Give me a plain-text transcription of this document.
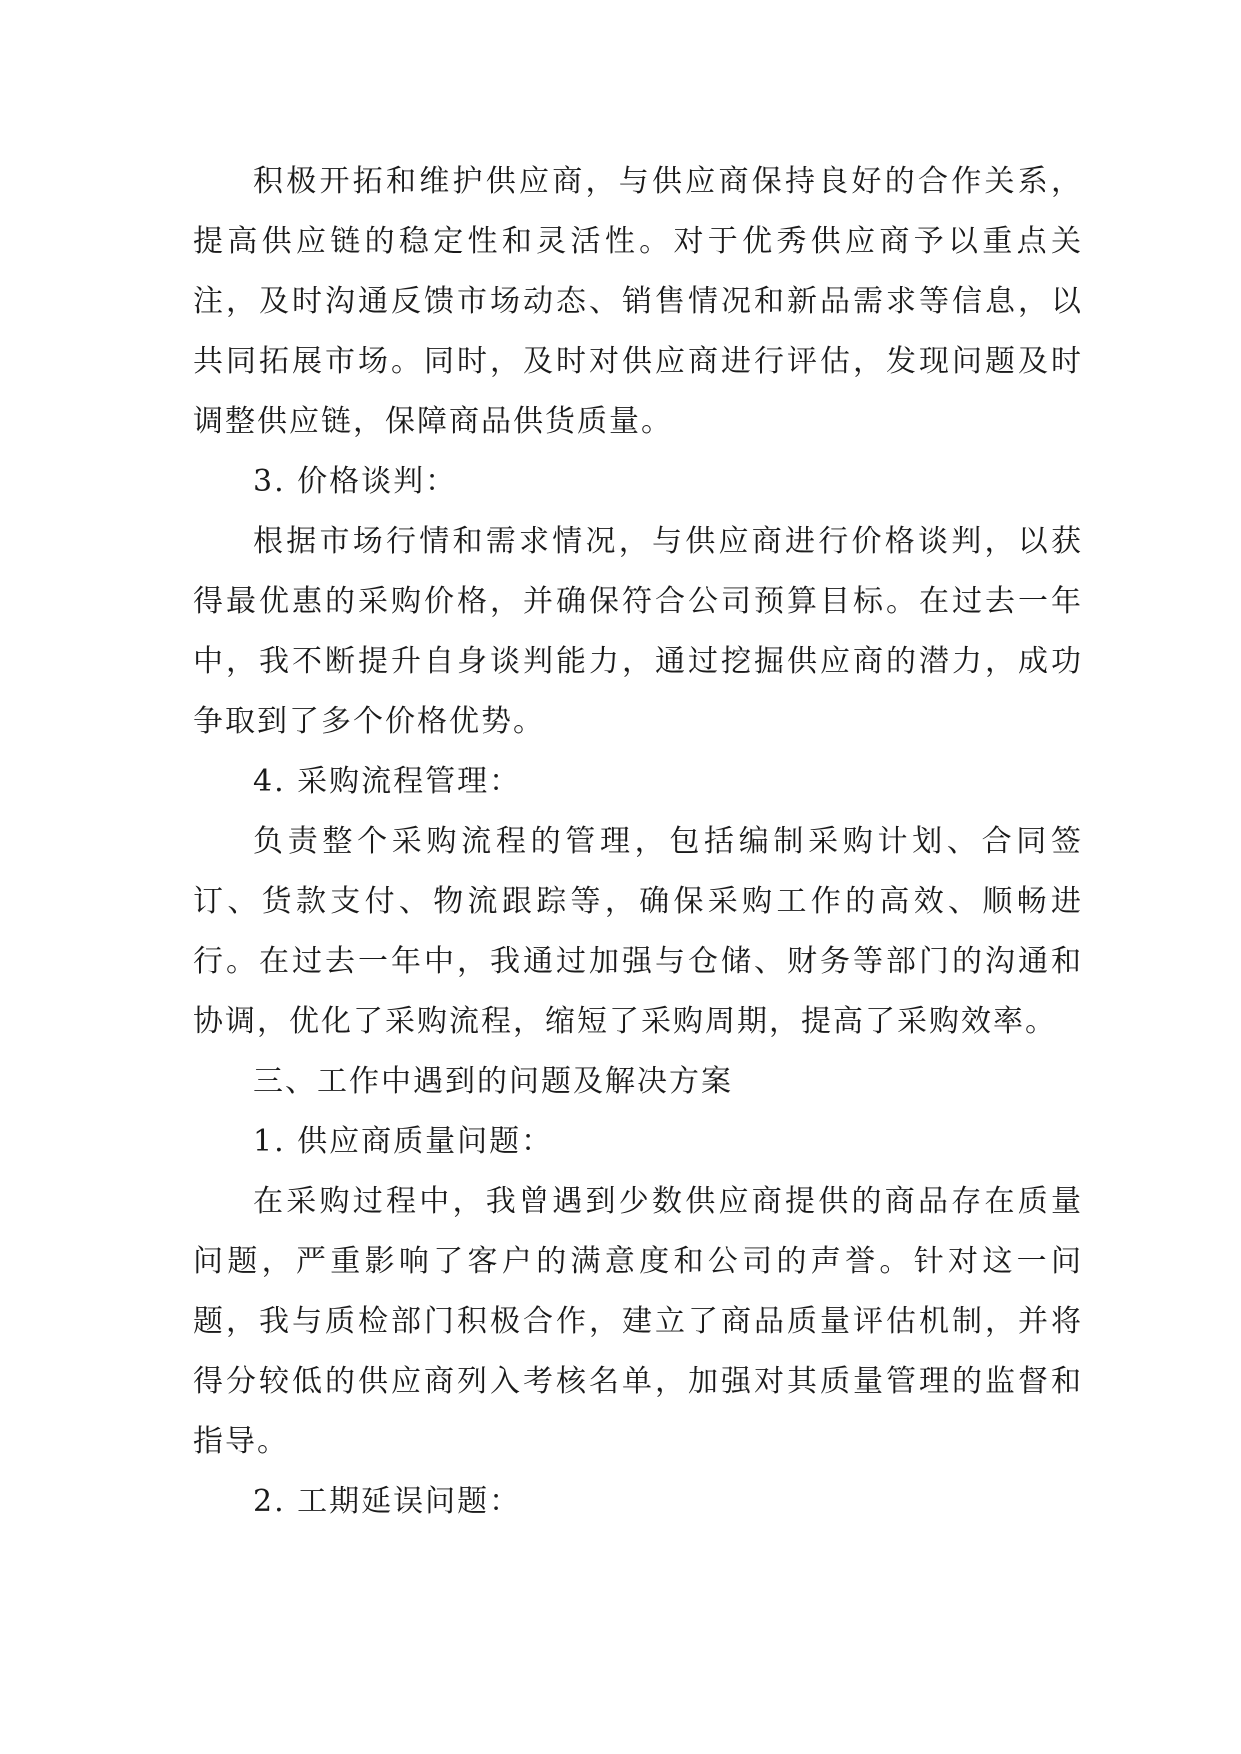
积极开拓和维护供应商，与供应商保持良好的合作关系，提高供应链的稳定性和灵活性。对于优秀供应商予以重点关注，及时沟通反馈市场动态、销售情况和新品需求等信息，以共同拓展市场。同时，及时对供应商进行评估，发现问题及时调整供应链，保障商品供货质量。

3. 价格谈判：

根据市场行情和需求情况，与供应商进行价格谈判，以获得最优惠的采购价格，并确保符合公司预算目标。在过去一年中，我不断提升自身谈判能力，通过挖掘供应商的潜力，成功争取到了多个价格优势。

4. 采购流程管理：

负责整个采购流程的管理，包括编制采购计划、合同签订、货款支付、物流跟踪等，确保采购工作的高效、顺畅进行。在过去一年中，我通过加强与仓储、财务等部门的沟通和协调，优化了采购流程，缩短了采购周期，提高了采购效率。

三、工作中遇到的问题及解决方案

1. 供应商质量问题：

在采购过程中，我曾遇到少数供应商提供的商品存在质量问题，严重影响了客户的满意度和公司的声誉。针对这一问题，我与质检部门积极合作，建立了商品质量评估机制，并将得分较低的供应商列入考核名单，加强对其质量管理的监督和指导。

2. 工期延误问题：
